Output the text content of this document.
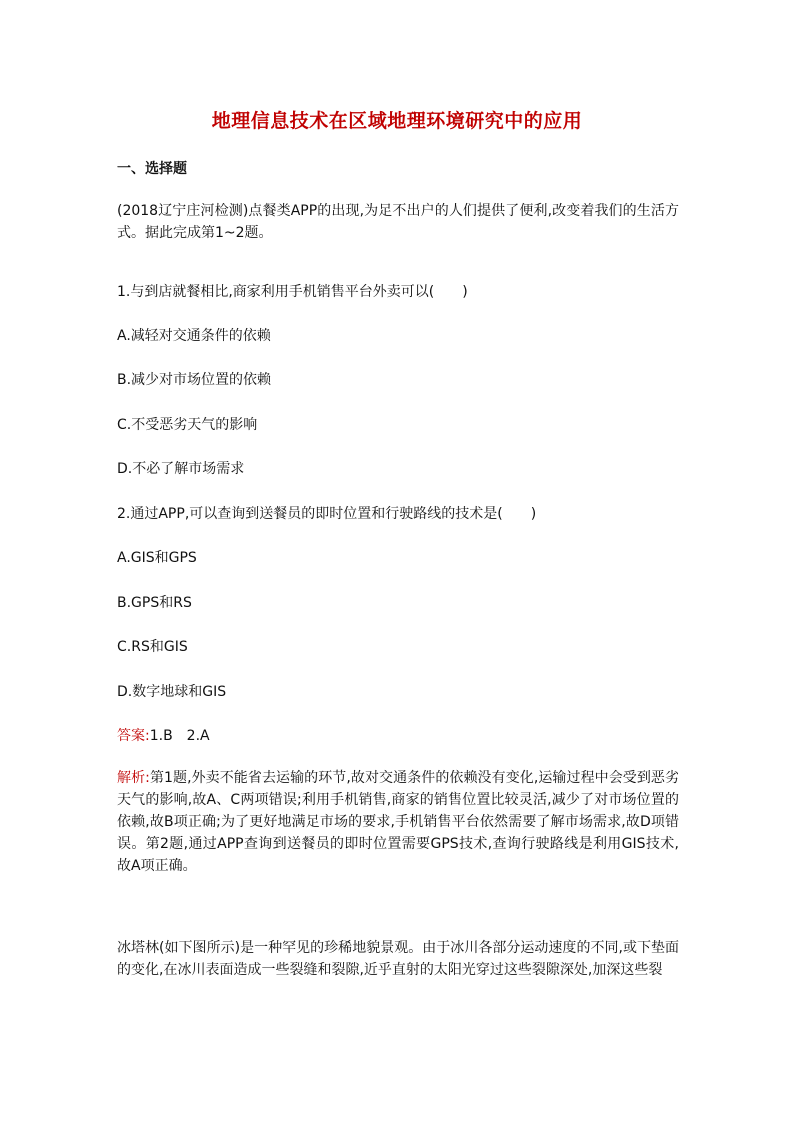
地理信息技术在区域地理环境研究中的应用
一、选择题
(2018辽宁庄河检测)点餐类APP的出现,为足不出户的人们提供了便利,改变着我们的生活方式。据此完成第1~2题。
1.与到店就餐相比,商家利用手机销售平台外卖可以(　　)
A.减轻对交通条件的依赖
B.减少对市场位置的依赖
C.不受恶劣天气的影响
D.不必了解市场需求
2.通过APP,可以查询到送餐员的即时位置和行驶路线的技术是(　　)
A.GIS和GPS
B.GPS和RS
C.RS和GIS
D.数字地球和GIS
答案:1.B　2.A
解析:第1题,外卖不能省去运输的环节,故对交通条件的依赖没有变化,运输过程中会受到恶劣天气的影响,故A、C两项错误;利用手机销售,商家的销售位置比较灵活,减少了对市场位置的依赖,故B项正确;为了更好地满足市场的要求,手机销售平台依然需要了解市场需求,故D项错误。第2题,通过APP查询到送餐员的即时位置需要GPS技术,查询行驶路线是利用GIS技术,故A项正确。
冰塔林(如下图所示)是一种罕见的珍稀地貌景观。由于冰川各部分运动速度的不同,或下垫面的变化,在冰川表面造成一些裂缝和裂隙,近乎直射的太阳光穿过这些裂隙深处,加深这些裂
